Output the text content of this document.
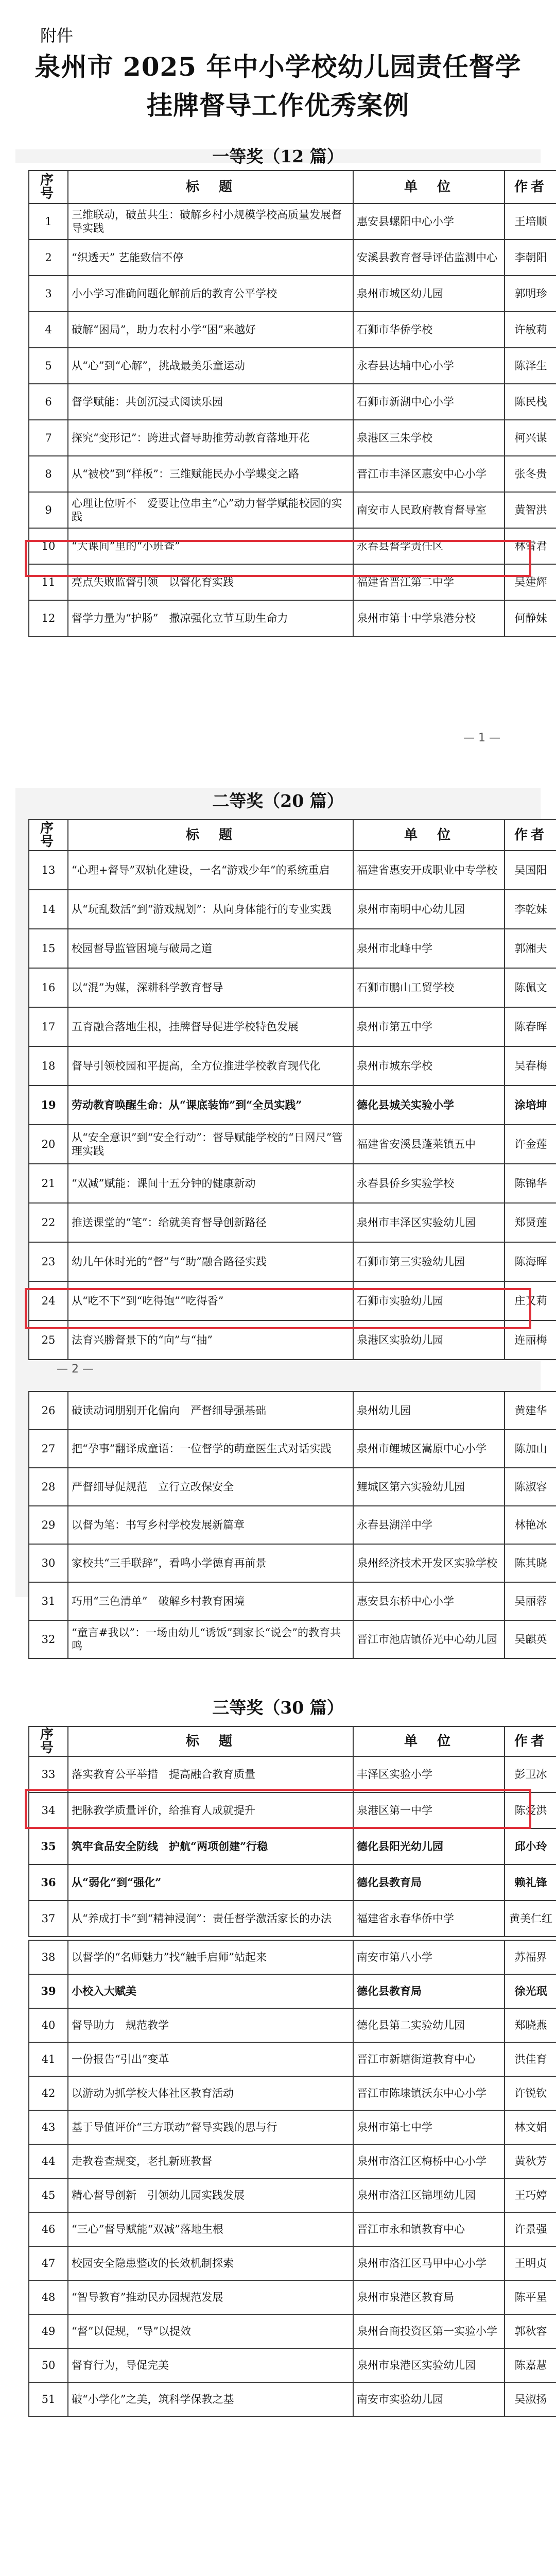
附件
泉州市 2025 年中小学校幼儿园责任督学
挂牌督导工作优秀案例
一等奖（12 篇）
— 1 —
二等奖（20 篇）
— 2 —
三等奖（30 篇）
序号	标　题	单　位	作者
1	三维联动，破茧共生：破解乡村小规模学校高质量发展督导实践	惠安县螺阳中心小学	王培顺
2	“织透天” 艺能致信不停	安溪县教育督导评估监测中心	李朝阳
3	小小学习准确问题化解前后的教育公平学校	泉州市城区幼儿园	郭明珍
4	破解“困局”，助力农村小学“困”来越好	石狮市华侨学校	许敏莉
5	从“心”到“心解”，挑战最美乐童运动	永春县达埔中心小学	陈泽生
6	督学赋能：共创沉浸式阅读乐园	石狮市新湖中心小学	陈民栈
7	探究“变形记”：跨进式督导助推劳动教育落地开花	泉港区三朱学校	柯兴谋
8	从“被校”到“样板”：三维赋能民办小学蝶变之路	晋江市丰泽区惠安中心小学	张冬贵
9	心理让位听不　爱要让位串主“心”动力督学赋能校园的实践	南安市人民政府教育督导室	黄智洪
10	“大课间”里的“小班查”	永春县督学责任区	林雪君
11	亮点失败监督引领　以督化育实践	福建省晋江第二中学	吴建辉
12	督学力量为“护肠”　撒凉强化立节互助生命力	泉州市第十中学泉港分校	何静妹
序号	标　题	单　位	作者
13	“心理+督导”双轨化建设，一名“游戏少年”的系统重启	福建省惠安开成职业中专学校	吴国阳
14	从“玩乱数活”到“游戏规划”：从向身体能行的专业实践	泉州市南明中心幼儿园	李乾妹
15	校园督导监管困境与破局之道	泉州市北峰中学	郭湘夫
16	以“混”为媒，深耕科学教育督导	石狮市鹏山工贸学校	陈佩文
17	五育融合落地生根，挂牌督导促进学校特色发展	泉州市第五中学	陈春晖
18	督导引领校园和平提高，全方位推进学校教育现代化	泉州市城东学校	吴春梅
19	劳动教育唤醒生命：从“课底装饰”到“全员实践”	德化县城关实验小学	涂培坤
20	从“安全意识”到“安全行动”：督导赋能学校的“日网尺”管理实践	福建省安溪县蓬莱镇五中	许金莲
21	“双减”赋能：课间十五分钟的健康新动	永春县侨乡实验学校	陈锦华
22	推送课堂的“笔”：给就美育督导创新路径	泉州市丰泽区实验幼儿园	郑贤莲
23	幼儿午休时光的“督”与“助”融合路径实践	石狮市第三实验幼儿园	陈海晖
24	从“吃不下”到“吃得饱”“吃得香”	石狮市实验幼儿园	庄又莉
25	法育兴勝督景下的“向”与“抽”	泉港区实验幼儿园	连丽梅
26	破读动词朋别开化偏向　严督细导强基础	泉州幼儿园	黄建华
27	把“孕事”翻译成童语：一位督学的萌童医生式对话实践	泉州市鲤城区嵩原中心小学	陈加山
28	严督细导促规范　立行立改保安全	鲤城区第六实验幼儿园	陈淑容
29	以督为笔：书写乡村学校发展新篇章	永春县湖洋中学	林艳冰
30	家校共“三手联辞”，看鸣小学德育再前景	泉州经济技术开发区实验学校	陈其晓
31	巧用“三色清单”　破解乡村教育困境	惠安县东桥中心小学	吴丽蓉
32	“童言#我以”：一场由幼儿“诱饭”到家长“说会”的教育共鸣	晋江市池店镇侨光中心幼儿园	吴麒英
序号	标　题	单　位	作者
33	落实教育公平举措　提高融合教育质量	丰泽区实验小学	彭卫冰
34	把脉教学质量评价，给推育人成就提升	泉港区第一中学	陈爱洪
35	筑牢食品安全防线　护航“两项创建”行稳	德化县阳光幼儿园	邱小玲
36	从“弱化”到“强化”	德化县教育局	赖礼锋
37	从“养成打卡”到“精神浸润”：责任督学激活家长的办法	福建省永春华侨中学	黄美仁红
38	以督学的“名师魅力”找“触手启师”站起来	南安市第八小学	苏福界
39	小校入大赋美	德化县教育局	徐光珉
40	督导助力　规范教学	德化县第二实验幼儿园	郑晓燕
41	一份报告“引出”变革	晋江市新塘街道教育中心	洪佳育
42	以游动为抓学校大体社区教育活动	晋江市陈埭镇沃东中心小学	许锐钦
43	基于导值评价“三方联动”督导实践的思与行	泉州市第七中学	林文娟
44	走教卷查规变，老扎新班教督	泉州市洛江区梅桥中心小学	黄秋芳
45	精心督导创新　引领幼儿园实践发展	泉州市洛江区锦埋幼儿园	王巧婷
46	“三心”督导赋能“双减”落地生根	晋江市永和镇教育中心	许景强
47	校园安全隐患整改的长效机制探索	泉州市洛江区马甲中心小学	王明贞
48	“智导教育”推动民办园规范发展	泉州市泉港区教育局	陈平星
49	“督”以促规，“导”以提效	泉州台商投资区第一实验小学	郭秋容
50	督育行为，导促完美	泉州市泉港区实验幼儿园	陈嘉慧
51	破“小学化”之美，筑科学保教之基	南安市实验幼儿园	吴淑扬
